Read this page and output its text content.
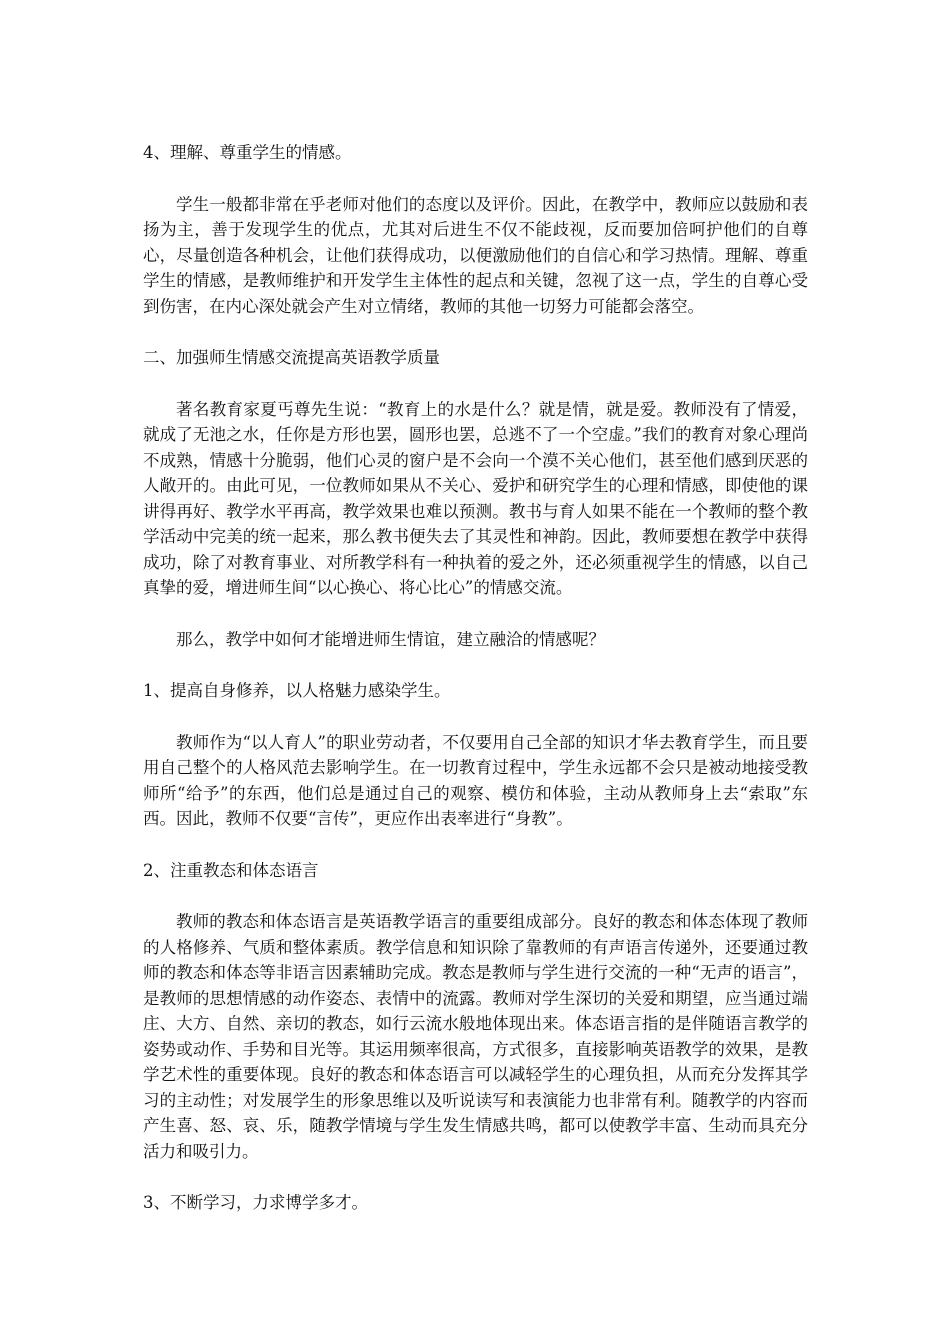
4、理解、尊重学生的情感。

学生一般都非常在乎老师对他们的态度以及评价。因此，在教学中，教师应以鼓励和表扬为主，善于发现学生的优点，尤其对后进生不仅不能歧视，反而要加倍呵护他们的自尊心，尽量创造各种机会，让他们获得成功，以便激励他们的自信心和学习热情。理解、尊重学生的情感，是教师维护和开发学生主体性的起点和关键，忽视了这一点，学生的自尊心受到伤害，在内心深处就会产生对立情绪，教师的其他一切努力可能都会落空。

二、加强师生情感交流提高英语教学质量

著名教育家夏丐尊先生说：“教育上的水是什么？就是情，就是爱。教师没有了情爱，就成了无池之水，任你是方形也罢，圆形也罢，总逃不了一个空虚。”我们的教育对象心理尚不成熟，情感十分脆弱，他们心灵的窗户是不会向一个漠不关心他们，甚至他们感到厌恶的人敞开的。由此可见，一位教师如果从不关心、爱护和研究学生的心理和情感，即使他的课讲得再好、教学水平再高，教学效果也难以预测。教书与育人如果不能在一个教师的整个教学活动中完美的统一起来，那么教书便失去了其灵性和神韵。因此，教师要想在教学中获得成功，除了对教育事业、对所教学科有一种执着的爱之外，还必须重视学生的情感，以自己真挚的爱，增进师生间“以心换心、将心比心”的情感交流。

那么，教学中如何才能增进师生情谊，建立融洽的情感呢？

1、提高自身修养，以人格魅力感染学生。

教师作为“以人育人”的职业劳动者，不仅要用自己全部的知识才华去教育学生，而且要用自己整个的人格风范去影响学生。在一切教育过程中，学生永远都不会只是被动地接受教师所“给予”的东西，他们总是通过自己的观察、模仿和体验，主动从教师身上去“索取”东西。因此，教师不仅要“言传”，更应作出表率进行“身教”。

2、注重教态和体态语言

教师的教态和体态语言是英语教学语言的重要组成部分。良好的教态和体态体现了教师的人格修养、气质和整体素质。教学信息和知识除了靠教师的有声语言传递外，还要通过教师的教态和体态等非语言因素辅助完成。教态是教师与学生进行交流的一种“无声的语言”，是教师的思想情感的动作姿态、表情中的流露。教师对学生深切的关爱和期望，应当通过端庄、大方、自然、亲切的教态，如行云流水般地体现出来。体态语言指的是伴随语言教学的姿势或动作、手势和目光等。其运用频率很高，方式很多，直接影响英语教学的效果，是教学艺术性的重要体现。良好的教态和体态语言可以减轻学生的心理负担，从而充分发挥其学习的主动性；对发展学生的形象思维以及听说读写和表演能力也非常有利。随教学的内容而产生喜、怒、哀、乐，随教学情境与学生发生情感共鸣，都可以使教学丰富、生动而具充分活力和吸引力。

3、不断学习，力求博学多才。
